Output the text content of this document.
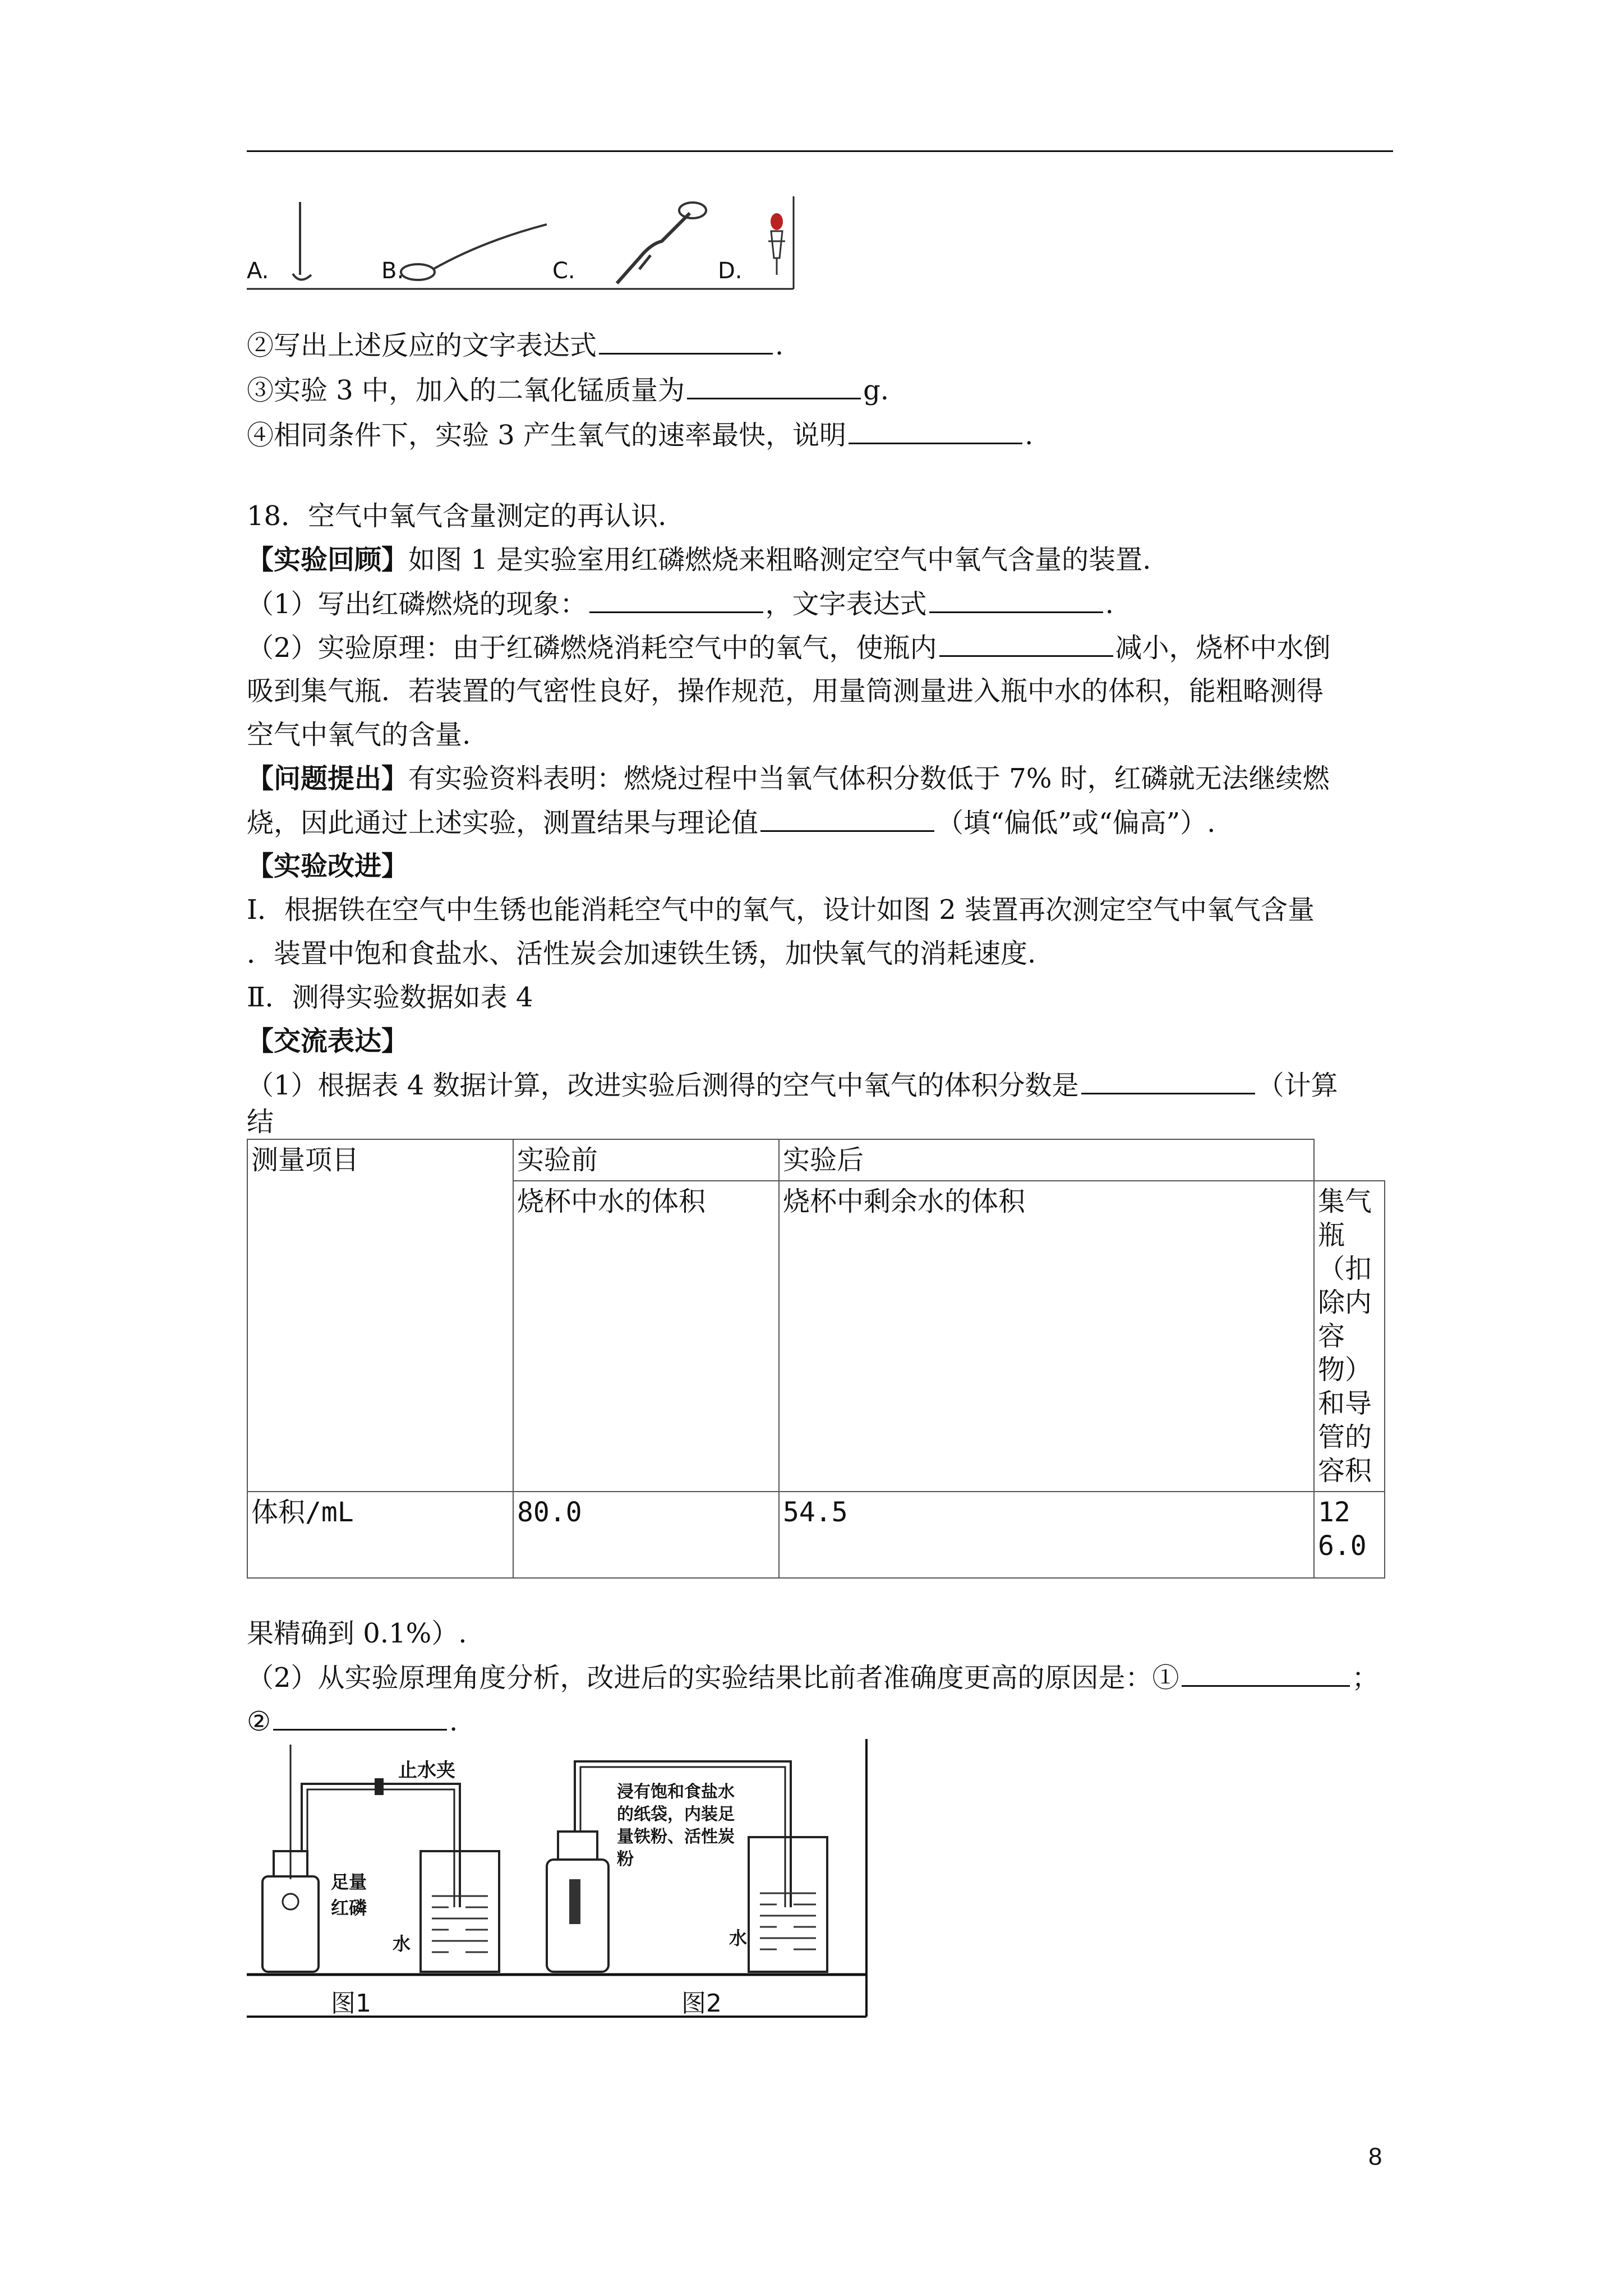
A.	B.	C.	D.
②写出上述反应的文字表达式	.
③实验 3 中，加入的二氧化锰质量为	g.
④相同条件下，实验 3 产生氧气的速率最快，说明	.
18．空气中氧气含量测定的再认识.
【实验回顾】如图 1 是实验室用红磷燃烧来粗略测定空气中氧气含量的装置.
（1）写出红磷燃烧的现象：	，文字表达式	.
（2）实验原理：由于红磷燃烧消耗空气中的氧气，使瓶内	减小，烧杯中水倒
吸到集气瓶．若装置的气密性良好，操作规范，用量筒测量进入瓶中水的体积，能粗略测得
空气中氧气的含量.
【问题提出】有实验资料表明：燃烧过程中当氧气体积分数低于 7% 时，红磷就无法继续燃
烧，因此通过上述实验，测置结果与理论值	（填“偏低”或“偏高”）.
【实验改进】
Ⅰ．根据铁在空气中生锈也能消耗空气中的氧气，设计如图 2 装置再次测定空气中氧气含量
．装置中饱和食盐水、活性炭会加速铁生锈，加快氧气的消耗速度.
Ⅱ．测得实验数据如表 4
【交流表达】
（1）根据表 4 数据计算，改进实验后测得的空气中氧气的体积分数是	（计算
结
测量项目	实验前	实验后	
	烧杯中水的体积	烧杯中剩余水的体积	集气瓶（扣除内容物）和导管的容积
体积/mL	80.0	54.5	126.0
果精确到 0.1%）.
（2）从实验原理角度分析，改进后的实验结果比前者准确度更高的原因是：①	；
②	.
图1	图2
止水夹
足量红磷
水
浸有饱和食盐水的纸袋，内装足量铁粉、活性炭粉
水
8
